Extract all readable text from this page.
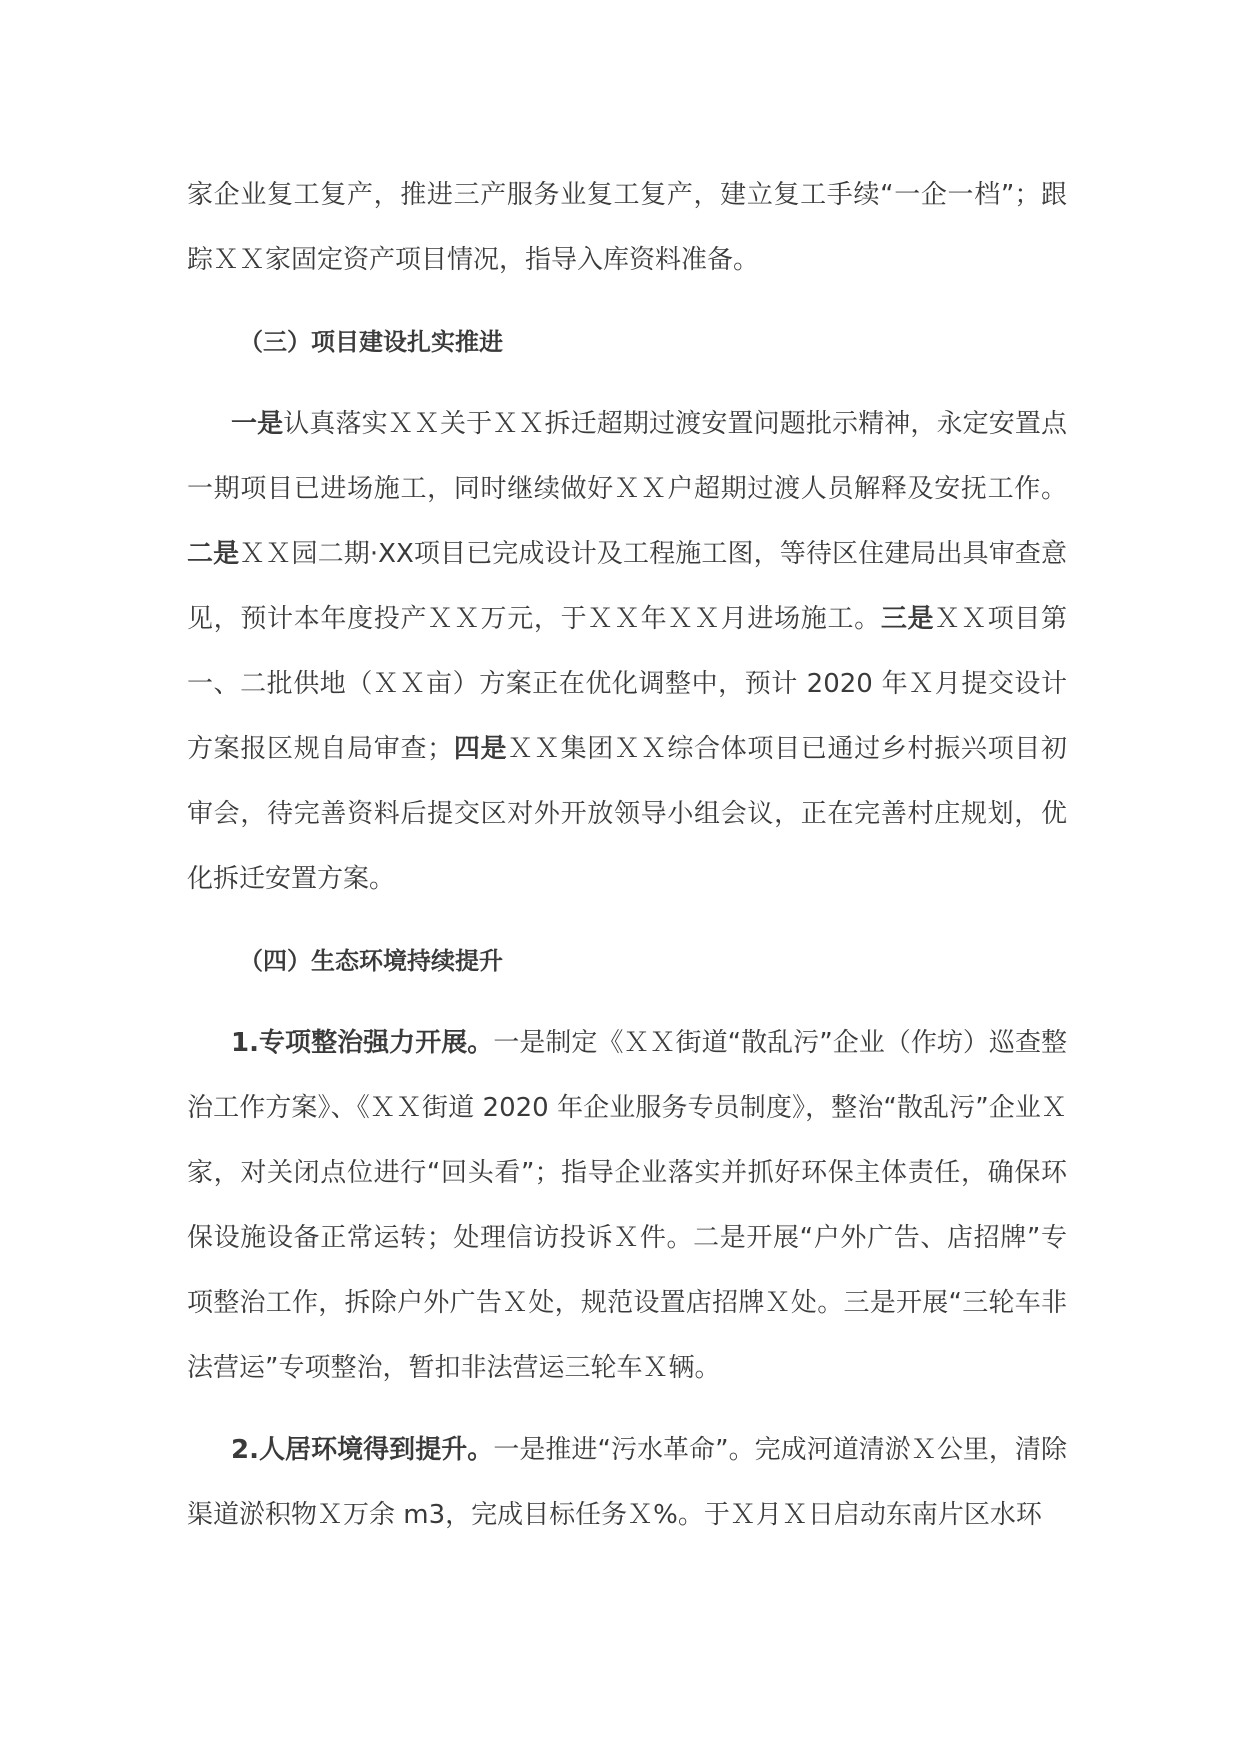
家企业复工复产，推进三产服务业复工复产，建立复工手续“一企一档”；跟踪ＸＸ家固定资产项目情况，指导入库资料准备。

（三）项目建设扎实推进

一是认真落实ＸＸ关于ＸＸ拆迁超期过渡安置问题批示精神，永定安置点一期项目已进场施工，同时继续做好ＸＸ户超期过渡人员解释及安抚工作。二是ＸＸ园二期·XX项目已完成设计及工程施工图，等待区住建局出具审查意见，预计本年度投产ＸＸ万元，于ＸＸ年ＸＸ月进场施工。三是ＸＸ项目第一、二批供地（ＸＸ亩）方案正在优化调整中，预计 2020 年Ｘ月提交设计方案报区规自局审查；四是ＸＸ集团ＸＸ综合体项目已通过乡村振兴项目初审会，待完善资料后提交区对外开放领导小组会议，正在完善村庄规划，优化拆迁安置方案。

（四）生态环境持续提升

1.专项整治强力开展。一是制定《ＸＸ街道“散乱污”企业（作坊）巡查整治工作方案》、《ＸＸ街道 2020 年企业服务专员制度》，整治“散乱污”企业Ｘ家，对关闭点位进行“回头看”；指导企业落实并抓好环保主体责任，确保环保设施设备正常运转；处理信访投诉Ｘ件。二是开展“户外广告、店招牌”专项整治工作，拆除户外广告Ｘ处，规范设置店招牌Ｘ处。三是开展“三轮车非法营运”专项整治，暂扣非法营运三轮车Ｘ辆。

2.人居环境得到提升。一是推进“污水革命”。完成河道清淤Ｘ公里，清除渠道淤积物Ｘ万余 m3，完成目标任务Ｘ%。于Ｘ月Ｘ日启动东南片区水环
